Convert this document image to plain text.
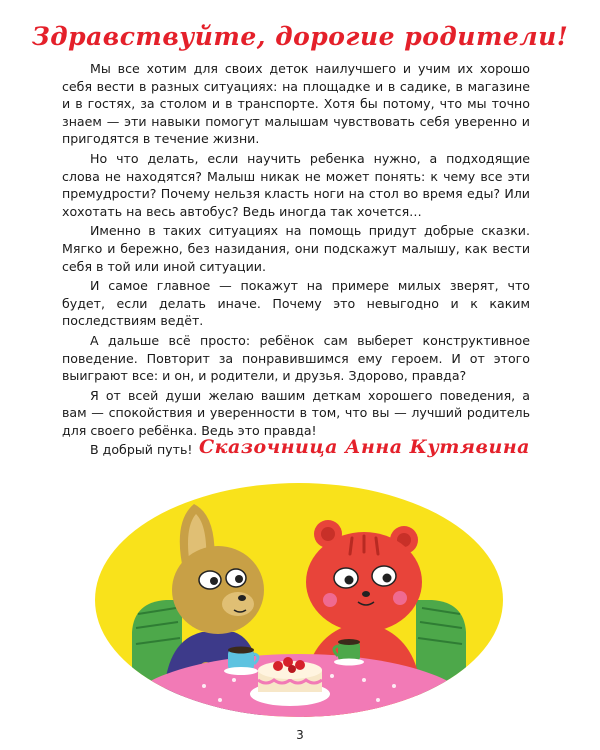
Здравствуйте, дорогие родители!

Мы все хотим для своих деток наилучшего и учим их хорошо себя вести в разных ситуациях: на площадке и в садике, в магазине и в гостях, за столом и в транспорте. Хотя бы потому, что мы точно знаем — эти навыки помогут малышам чувствовать себя уверенно и пригодятся в течение жизни.

Но что делать, если научить ребенка нужно, а подходящие слова не находятся? Малыш никак не может понять: к чему все эти премудрости? Почему нельзя класть ноги на стол во время еды? Или хохотать на весь автобус? Ведь иногда так хочется…

Именно в таких ситуациях на помощь придут добрые сказки. Мягко и бережно, без назидания, они подскажут малышу, как вести себя в той или иной ситуации.

И самое главное — покажут на примере милых зверят, что будет, если делать иначе. Почему это невыгодно и к каким последствиям ведёт.

А дальше всё просто: ребёнок сам выберет конструктивное поведение. Повторит за понравившимся ему героем. И от этого выиграют все: и он, и родители, и друзья. Здорово, правда?

Я от всей души желаю вашим деткам хорошего поведения, а вам — спокойствия и уверенности в том, что вы — лучший родитель для своего ребёнка. Ведь это правда!

В добрый путь! Сказочница Анна Кутявина
3
